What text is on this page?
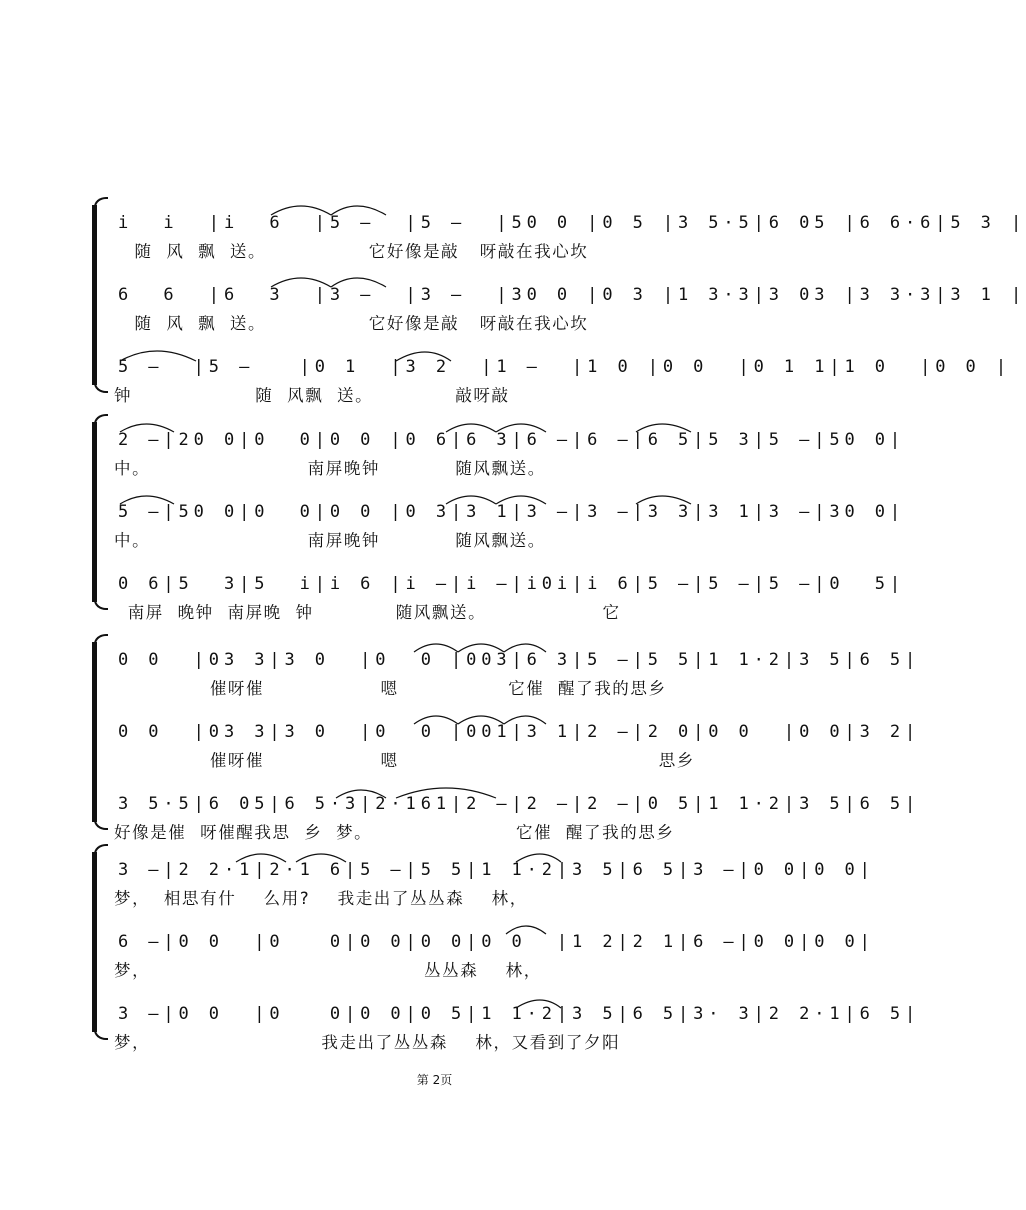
i  i  |i  6  |5 –  |5 –  |50 0 |0 5 |3 5·5|6 05 |6 6·6|5 3 |
随  风  飘  送。               它好像是敲   呀敲在我心坎
6  6  |6  3  |3 –  |3 –  |30 0 |0 3 |1 3·3|3 03 |3 3·3|3 1 |
随  风  飘  送。               它好像是敲   呀敲在我心坎
5 –  |5 –   |0 1  |3 2  |1 –  |1 0 |0 0  |0 1 1|1 0  |0 0 |
钟                  随  风飘  送。            敲呀敲
2 –|20 0|0  0|0 0 |0 6|6 3|6 –|6 –|6 5|5 3|5 –|50 0|
中。                       南屏晚钟           随风飘送。
5 –|50 0|0  0|0 0 |0 3|3 1|3 –|3 –|3 3|3 1|3 –|30 0|
中。                       南屏晚钟           随风飘送。
0 6|5  3|5  i|i 6 |i –|i –|i0i|i 6|5 –|5 –|5 –|0  5|
南屏  晚钟  南屏晚  钟            随风飘送。                 它
0 0  |03 3|3 0  |0  0 |003|6 3|5 –|5 5|1 1·2|3 5|6 5|
催呀催                 嗯                它催  醒了我的思乡
0 0  |03 3|3 0  |0  0 |001|3 1|2 –|2 0|0 0  |0 0|3 2|
催呀催                 嗯                                      思乡
3 5·5|6 05|6 5·3|2·161|2 –|2 –|2 –|0 5|1 1·2|3 5|6 5|
好像是催  呀催醒我思  乡  梦。                     它催  醒了我的思乡
3 –|2 2·1|2·1 6|5 –|5 5|1 1·2|3 5|6 5|3 –|0 0|0 0|
梦，  相思有什    么用?    我走出了丛丛森    林，
6 –|0 0  |0   0|0 0|0 0|0 0  |1 2|2 1|6 –|0 0|0 0|
梦，                                        丛丛森    林，
3 –|0 0  |0   0|0 0|0 5|1 1·2|3 5|6 5|3· 3|2 2·1|6 5|
梦，                         我走出了丛丛森    林，又看到了夕阳
第 2页
